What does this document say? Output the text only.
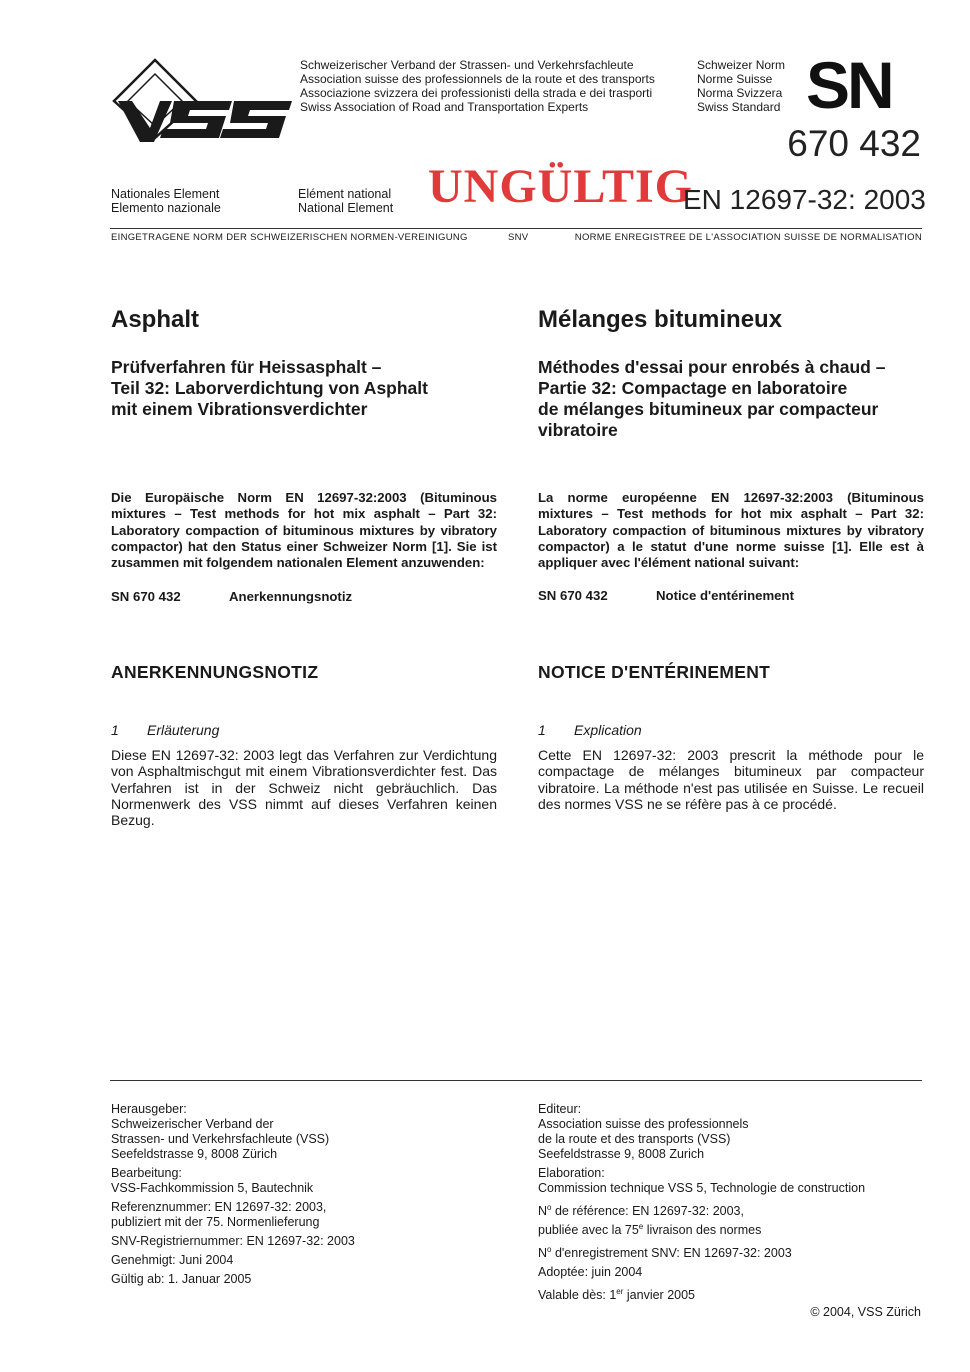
Schweizerischer Verband der Strassen- und Verkehrsfachleute
Association suisse des professionnels de la route et des transports
Associazione svizzera dei professionisti della strada e dei trasporti
Swiss Association of Road and Transportation Experts
Schweizer Norm
Norme Suisse
Norma Svizzera
Swiss Standard SN
670 432
Nationales Element
Elemento nazionale
Elément national
National Element UNGÜLTIG
EN 12697-32: 2003
EINGETRAGENE NORM DER SCHWEIZERISCHEN NORMEN-VEREINIGUNG	SNV	NORME ENREGISTREE DE L'ASSOCIATION SUISSE DE NORMALISATION
Asphalt
Prüfverfahren für Heissasphalt –
Teil 32: Laborverdichtung von Asphalt
mit einem Vibrationsverdichter
Die Europäische Norm EN 12697-32:2003 (Bituminous mixtures – Test methods for hot mix asphalt – Part 32: Laboratory compaction of bituminous mixtures by vibratory compactor) hat den Status einer Schweizer Norm [1]. Sie ist zusammen mit folgendem nationalen Element anzuwenden:
SN 670 432	Anerkennungsnotiz
ANERKENNUNGSNOTIZ
1 Erläuterung
Diese EN 12697-32: 2003 legt das Verfahren zur Verdichtung von Asphaltmischgut mit einem Vibrationsverdichter fest. Das Verfahren ist in der Schweiz nicht gebräuchlich. Das Normenwerk des VSS nimmt auf dieses Verfahren keinen Bezug.
Mélanges bitumineux
Méthodes d'essai pour enrobés à chaud –
Partie 32: Compactage en laboratoire
de mélanges bitumineux par compacteur
vibratoire
La norme européenne EN 12697-32:2003 (Bituminous mixtures – Test methods for hot mix asphalt – Part 32: Laboratory compaction of bituminous mixtures by vibratory compactor) a le statut d'une norme suisse [1]. Elle est à appliquer avec l'élément national suivant:
SN 670 432	Notice d'entérinement
NOTICE D'ENTÉRINEMENT
1 Explication
Cette EN 12697-32: 2003 prescrit la méthode pour le compactage de mélanges bitumineux par compacteur vibratoire. La méthode n'est pas utilisée en Suisse. Le recueil des normes VSS ne se réfère pas à ce procédé.
Herausgeber:
Schweizerischer Verband der
Strassen- und Verkehrsfachleute (VSS)
Seefeldstrasse 9, 8008 Zürich
Bearbeitung:
VSS-Fachkommission 5, Bautechnik
Referenznummer: EN 12697-32: 2003,
publiziert mit der 75. Normenlieferung
SNV-Registriernummer: EN 12697-32: 2003
Genehmigt: Juni 2004
Gültig ab: 1. Januar 2005
Editeur:
Association suisse des professionnels
de la route et des transports (VSS)
Seefeldstrasse 9, 8008 Zurich
Elaboration:
Commission technique VSS 5, Technologie de construction
$N^o$ de référence: EN 12697-32: 2003,
publiée avec la 75e livraison des normes
$N^o$ d'enregistrement SNV: EN 12697-32: 2003
Adoptée: juin 2004
Valable dès: 1er janvier 2005
© 2004, VSS Zürich
